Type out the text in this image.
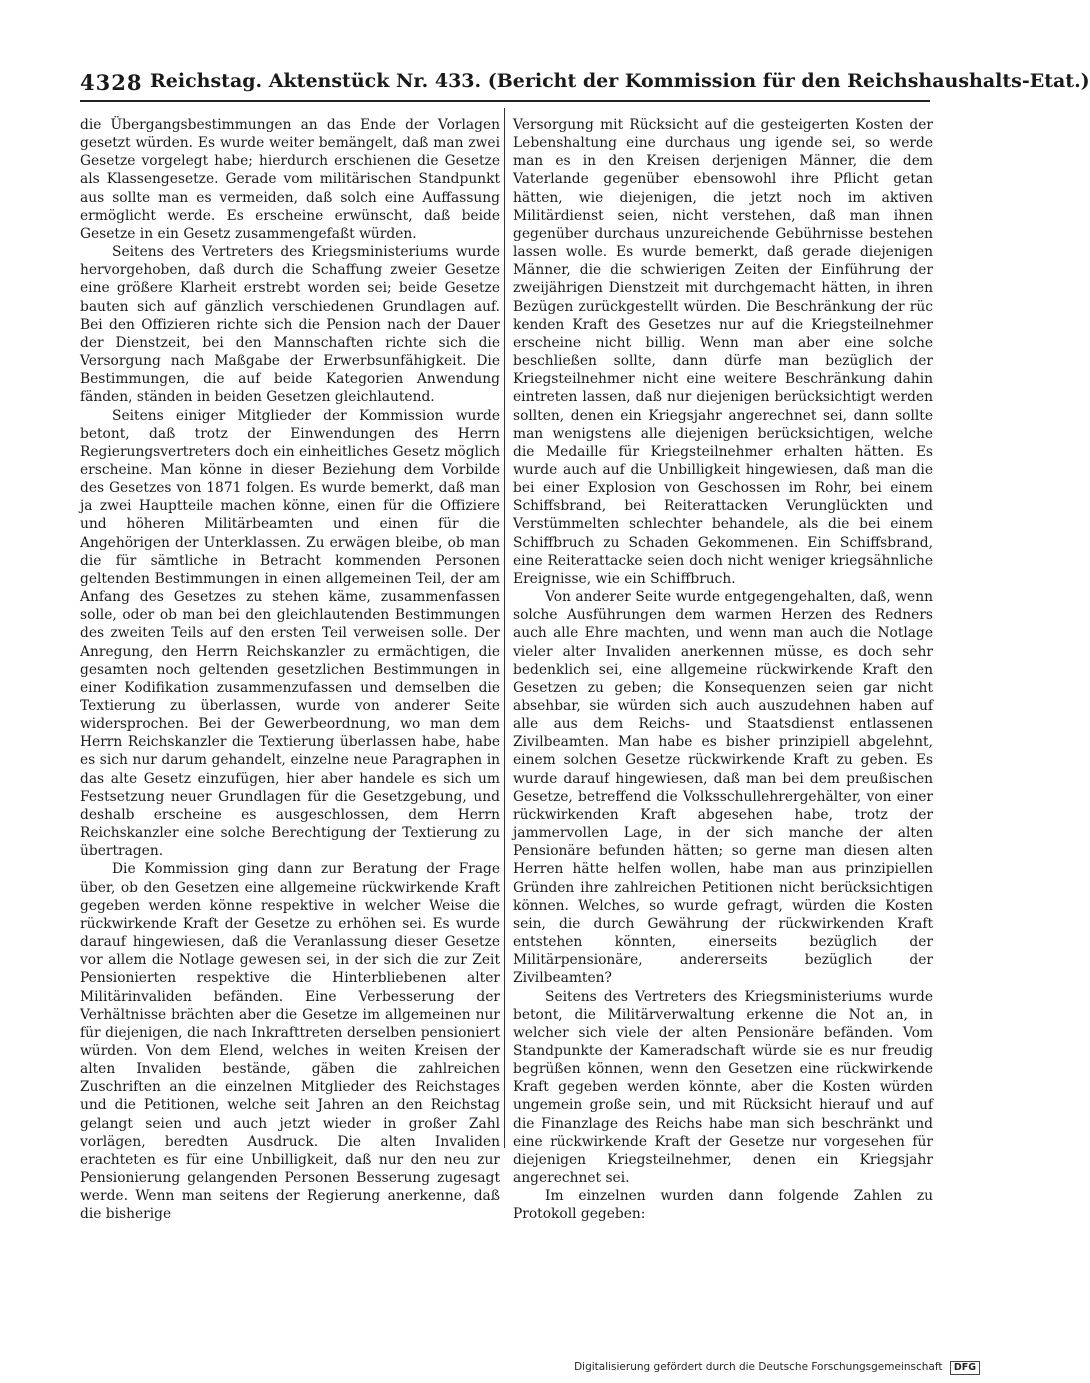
4328 Reichstag. Aktenstück Nr. 433. (Bericht der Kommission für den Reichshaushalts-Etat.)

die Übergangsbestimmungen an das Ende der Vorlagen gesetzt würden. Es wurde weiter bemängelt, daß man zwei Gesetze vorgelegt habe; hierdurch erschienen die Gesetze als Klassengesetze. Gerade vom militärischen Standpunkt aus sollte man es vermeiden, daß solch eine Auffassung ermöglicht werde. Es erscheine erwünscht, daß beide Gesetze in ein Gesetz zusammengefaßt würden.

Seitens des Vertreters des Kriegsministeriums wurde hervorgehoben, daß durch die Schaffung zweier Gesetze eine größere Klarheit erstrebt worden sei; beide Gesetze bauten sich auf gänzlich verschiedenen Grundlagen auf. Bei den Offizieren richte sich die Pension nach der Dauer der Dienstzeit, bei den Mannschaften richte sich die Versorgung nach Maßgabe der Erwerbsunfähigkeit. Die Bestimmungen, die auf beide Kategorien Anwendung fänden, ständen in beiden Gesetzen gleichlautend.

Seitens einiger Mitglieder der Kommission wurde betont, daß trotz der Einwendungen des Herrn Regierungsvertreters doch ein einheitliches Gesetz möglich erscheine. Man könne in dieser Beziehung dem Vorbilde des Gesetzes von 1871 folgen. Es wurde bemerkt, daß man ja zwei Hauptteile machen könne, einen für die Offiziere und höheren Militärbeamten und einen für die Angehörigen der Unterklassen. Zu erwägen bleibe, ob man die für sämtliche in Betracht kommenden Personen geltenden Bestimmungen in einen allgemeinen Teil, der am Anfang des Gesetzes zu stehen käme, zusammenfassen solle, oder ob man bei den gleichlautenden Bestimmungen des zweiten Teils auf den ersten Teil verweisen solle. Der Anregung, den Herrn Reichskanzler zu ermächtigen, die gesamten noch geltenden gesetzlichen Bestimmungen in einer Kodifikation zusammenzufassen und demselben die Textierung zu überlassen, wurde von anderer Seite widersprochen. Bei der Gewerbeordnung, wo man dem Herrn Reichskanzler die Textierung überlassen habe, habe es sich nur darum gehandelt, einzelne neue Paragraphen in das alte Gesetz einzufügen, hier aber handele es sich um Festsetzung neuer Grundlagen für die Gesetzgebung, und deshalb erscheine es ausgeschlossen, dem Herrn Reichskanzler eine solche Berechtigung der Textierung zu übertragen.

Die Kommission ging dann zur Beratung der Frage über, ob den Gesetzen eine allgemeine rückwirkende Kraft gegeben werden könne respektive in welcher Weise die rückwirkende Kraft der Gesetze zu erhöhen sei. Es wurde darauf hingewiesen, daß die Veranlassung dieser Gesetze vor allem die Notlage gewesen sei, in der sich die zur Zeit Pensionierten respektive die Hinterbliebenen alter Militärinvaliden befänden. Eine Verbesserung der Verhältnisse brächten aber die Gesetze im allgemeinen nur für diejenigen, die nach Inkrafttreten derselben pensioniert würden. Von dem Elend, welches in weiten Kreisen der alten Invaliden bestände, gäben die zahlreichen Zuschriften an die einzelnen Mitglieder des Reichstages und die Petitionen, welche seit Jahren an den Reichstag gelangt seien und auch jetzt wieder in großer Zahl vorlägen, beredten Ausdruck. Die alten Invaliden erachteten es für eine Unbilligkeit, daß nur den neu zur Pensionierung gelangenden Personen Besserung zugesagt werde. Wenn man seitens der Regierung anerkenne, daß die bisherige

Versorgung mit Rücksicht auf die gesteigerten Kosten der Lebenshaltung eine durchaus ung igende sei, so werde man es in den Kreisen derjenigen Männer, die dem Vaterlande gegenüber ebensowohl ihre Pflicht getan hätten, wie diejenigen, die jetzt noch im aktiven Militärdienst seien, nicht verstehen, daß man ihnen gegenüber durchaus unzureichende Gebührnisse bestehen lassen wolle. Es wurde bemerkt, daß gerade diejenigen Männer, die die schwierigen Zeiten der Einführung der zweijährigen Dienstzeit mit durchgemacht hätten, in ihren Bezügen zurückgestellt würden. Die Beschränkung der rüc kenden Kraft des Gesetzes nur auf die Kriegsteilnehmer erscheine nicht billig. Wenn man aber eine solche beschließen sollte, dann dürfe man bezüglich der Kriegsteilnehmer nicht eine weitere Beschränkung dahin eintreten lassen, daß nur diejenigen berücksichtigt werden sollten, denen ein Kriegsjahr angerechnet sei, dann sollte man wenigstens alle diejenigen berücksichtigen, welche die Medaille für Kriegsteilnehmer erhalten hätten. Es wurde auch auf die Unbilligkeit hingewiesen, daß man die bei einer Explosion von Geschossen im Rohr, bei einem Schiffsbrand, bei Reiterattacken Verunglückten und Verstümmelten schlechter behandele, als die bei einem Schiffbruch zu Schaden Gekommenen. Ein Schiffsbrand, eine Reiterattacke seien doch nicht weniger kriegsähnliche Ereignisse, wie ein Schiffbruch.

Von anderer Seite wurde entgegengehalten, daß, wenn solche Ausführungen dem warmen Herzen des Redners auch alle Ehre machten, und wenn man auch die Notlage vieler alter Invaliden anerkennen müsse, es doch sehr bedenklich sei, eine allgemeine rückwirkende Kraft den Gesetzen zu geben; die Konsequenzen seien gar nicht absehbar, sie würden sich auch auszudehnen haben auf alle aus dem Reichs- und Staatsdienst entlassenen Zivilbeamten. Man habe es bisher prinzipiell abgelehnt, einem solchen Gesetze rückwirkende Kraft zu geben. Es wurde darauf hingewiesen, daß man bei dem preußischen Gesetze, betreffend die Volksschullehrergehälter, von einer rückwirkenden Kraft abgesehen habe, trotz der jammervollen Lage, in der sich manche der alten Pensionäre befunden hätten; so gerne man diesen alten Herren hätte helfen wollen, habe man aus prinzipiellen Gründen ihre zahlreichen Petitionen nicht berücksichtigen können. Welches, so wurde gefragt, würden die Kosten sein, die durch Gewährung der rückwirkenden Kraft entstehen könnten, einerseits bezüglich der Militärpensionäre, andererseits bezüglich der Zivilbeamten?

Seitens des Vertreters des Kriegsministeriums wurde betont, die Militärverwaltung erkenne die Not an, in welcher sich viele der alten Pensionäre befänden. Vom Standpunkte der Kameradschaft würde sie es nur freudig begrüßen können, wenn den Gesetzen eine rückwirkende Kraft gegeben werden könnte, aber die Kosten würden ungemein große sein, und mit Rücksicht hierauf und auf die Finanzlage des Reichs habe man sich beschränkt und eine rückwirkende Kraft der Gesetze nur vorgesehen für diejenigen Kriegsteilnehmer, denen ein Kriegsjahr angerechnet sei.

Im einzelnen wurden dann folgende Zahlen zu Protokoll gegeben:

Digitalisierung gefördert durch die Deutsche Forschungsgemeinschaft DFG
